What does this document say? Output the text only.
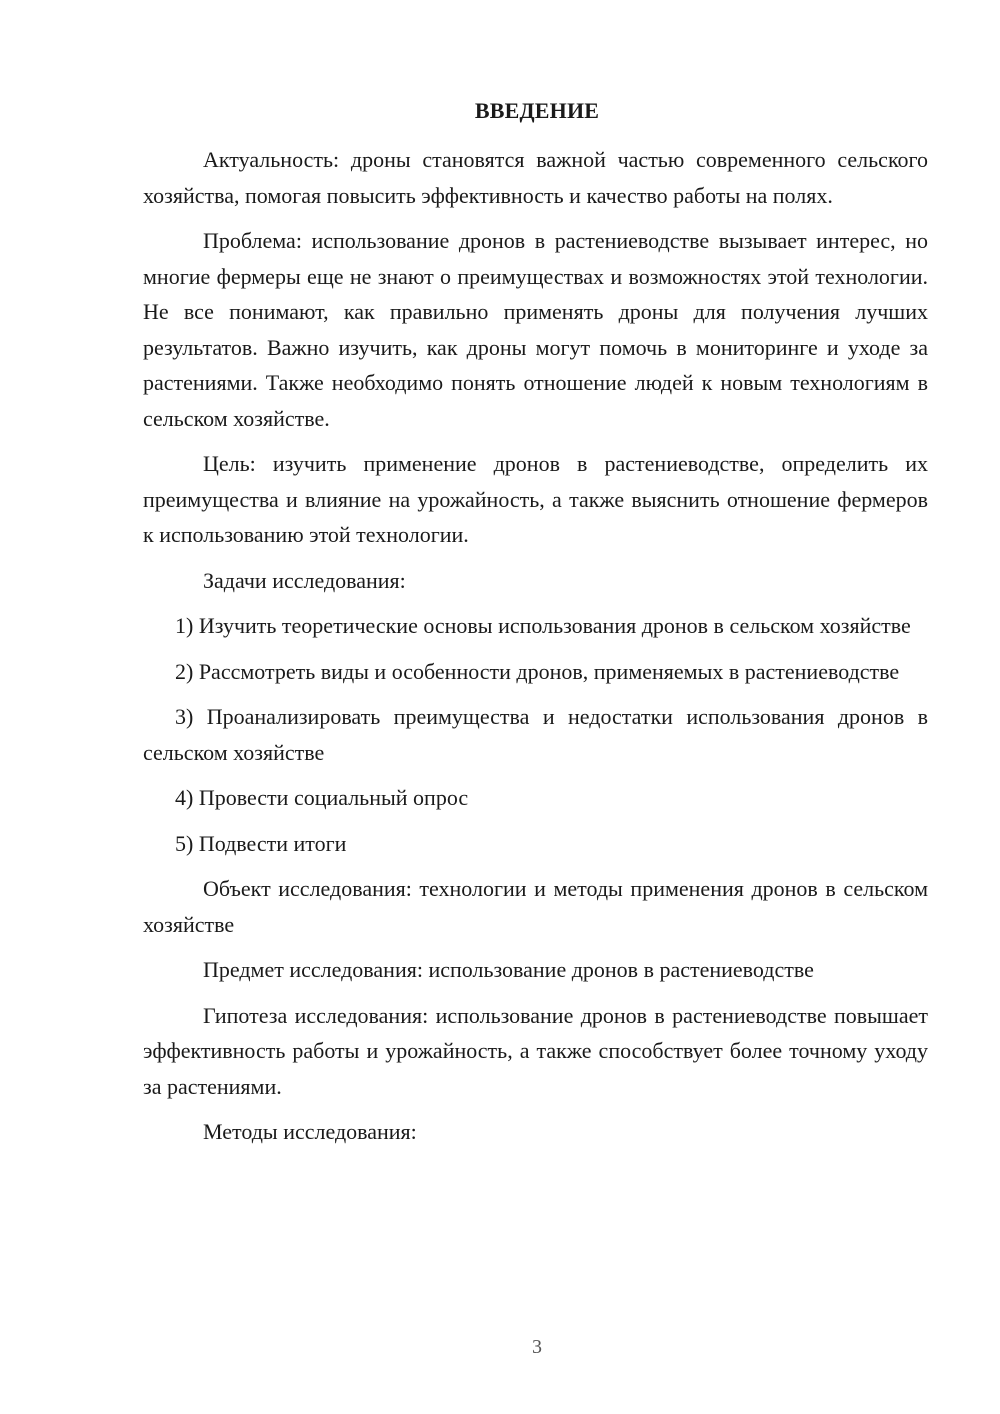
ВВЕДЕНИЕ

Актуальность: дроны становятся важной частью современного сельского хозяйства, помогая повысить эффективность и качество работы на полях.

Проблема: использование дронов в растениеводстве вызывает интерес, но многие фермеры еще не знают о преимуществах и возможностях этой технологии. Не все понимают, как правильно применять дроны для получения лучших результатов. Важно изучить, как дроны могут помочь в мониторинге и уходе за растениями. Также необходимо понять отношение людей к новым технологиям в сельском хозяйстве.

Цель: изучить применение дронов в растениеводстве, определить их преимущества и влияние на урожайность, а также выяснить отношение фермеров к использованию этой технологии.

Задачи исследования:

1) Изучить теоретические основы использования дронов в сельском хозяйстве

2) Рассмотреть виды и особенности дронов, применяемых в растениеводстве

3) Проанализировать преимущества и недостатки использования дронов в сельском хозяйстве

4) Провести социальный опрос

5) Подвести итоги

Объект исследования: технологии и методы применения дронов в сельском хозяйстве

Предмет исследования: использование дронов в растениеводстве

Гипотеза исследования: использование дронов в растениеводстве повышает эффективность работы и урожайность, а также способствует более точному уходу за растениями.

Методы исследования:

3
